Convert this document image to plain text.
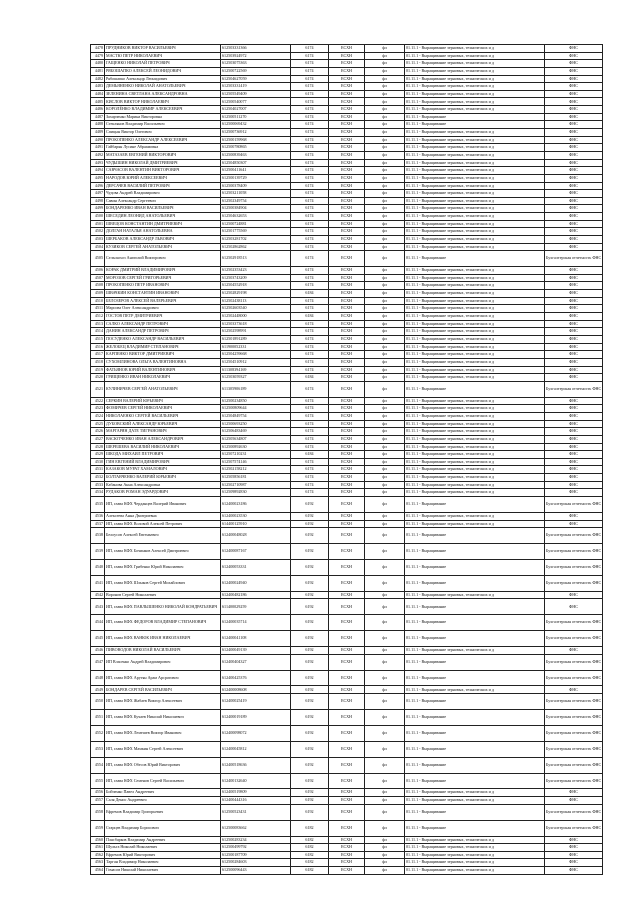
4478	ПРУДНИКОВ ВИКТОР ВАСИЛЬЕВИЧ	612503331366	6174	ЕСХН	фл	01.11.1 - Выращивание зерновых, технических и д	ФНС
4479	МАСТЮ ПЕТР НИКОЛАЕВИЧ	612503924972	6174	ЕСХН	фл	01.11.1 - Выращивание зерновых, технических и д	ФНС
4480	ГАЩЕНКО НИКОЛАЙ ПЕТРОВИЧ	612503075363	6174	ЕСХН	фл	01.11.1 - Выращивание зерновых, технических и д	ФНС
4481	РЯБОШАПКО АЛЕКСЕЙ ЛЕОНИДОВИЧ	612500722569	6174	ЕСХН	фл	01.11.1 - Выращивание зерновых, технических и д	ФНС
4482	Рябошапко Александр Леонидович	612504627059	6174	ЕСХН	фл	01.11.1 - Выращивание зерновых, технических и д	ФНС
4483	ДЕМЬЯНЕНКО НИКОЛАЙ АНАТОЛЬЕВИЧ	612503331419	6174	ЕСХН	фл	01.11.1 - Выращивание зерновых, технических и д	ФНС
4484	ЗЕЛЕНИНА СВЕТЛАНА АЛЕКСАНДРОВНА	612505549409	6174	ЕСХН	фл	01.11.1 - Выращивание зерновых, технических и д	ФНС
4485	КИСЛОВ ВИКТОР НИКОЛАЕВИЧ	612500540077	6174	ЕСХН	фл	01.11.1 - Выращивание зерновых, технических и д	ФНС
4486	КОРОЛЁНКО ВЛАДИМИР АЛЕКСЕЕВИЧ	612504027007	6174	ЕСХН	фл	01.11.1 - Выращивание зерновых, технических и д	ФНС
4487	Захарченко Марина Викторовна	612500511270	6174	ЕСХН	фл	01.11.1 - Выращивание	ФНС
4488	Стеклянов Владимир Васильевич	612500069432	6174	ЕСХН	фл	01.11.1 - Выращивание	ФНС
4489	Спицын Виктор Олегович	612500736912	6174	ЕСХН	фл	01.11.1 - Выращивание зерновых, технических и д	ФНС
4490	ПРОКОПЕНКО АЛЕКСАНДР АЛЕКСЕЕВИЧ	612500159968	6174	ЕСХН	фл	01.11.1 - Выращивание зерновых, технических и д	ФНС
4491	Гайбарян Лусине Абраамовна	612500780865	6174	ЕСХН	фл	01.11.1 - Выращивание зерновых, технических и д	ФНС
4492	МАТАЗАЕВ ЕВГЕНИЙ ВИКТОРОВИЧ	612500839463	6174	ЕСХН	фл	01.11.1 - Выращивание зерновых, технических и д	ФНС
4493	ЧУДЫШИН НИКОЛАЙ ДМИТРИЕВИЧ	612504850307	6174	ЕСХН	фл	01.11.1 - Выращивание зерновых, технических и д	ФНС
4494	САВЧАСОВ ВАЛЕНТИН ВИКТОРОВИЧ	612500411641	6174	ЕСХН	фл	01.11.1 - Выращивание зерновых, технических и д	ФНС
4495	НАРОДОВ ЮРИЙ АЛЕКСЕЕВИЧ	612500139729	6174	ЕСХН	фл	01.11.1 - Выращивание зерновых, технических и д	ФНС
4496	ДЕРСАЧЕВ ВАСИЛИЙ ПЕТРОВИЧ	612500378409	6174	ЕСХН	фл	01.11.1 - Выращивание зерновых, технических и д	ФНС
4497	Чудова Андрей Владимирович	612503211058	6174	ЕСХН	фл	01.11.1 - Выращивание зерновых, технических и д	ФНС
4498	Савин Александр Сергеевич	612502349754	6174	ЕСХН	фл	01.11.1 - Выращивание зерновых, технических и д	ФНС
4499	БОНДАРЕНКО ИВАН ВАСИЛЬЕВИЧ	612500384904	6174	ЕСХН	фл	01.11.1 - Выращивание зерновых, технических и д	ФНС
4500	ШЕСЕДИН ЛЕОНИД АНАТОЛЬЕВИЧ	612504632653	6174	ЕСХН	фл	01.11.1 - Выращивание зерновых, технических и д	ФНС
4501	ШВЕЦОВ КОНСТАНТИН ДМИТРИЕВИЧ	612500724881	6174	ЕСХН	фл	01.11.1 - Выращивание зерновых, технических и д	ФНС
4502	ДОЛГАН НАТАЛЬЯ АНАТОЛЬЕВНА	612501775569	6174	ЕСХН	фл	01.11.1 - Выращивание зерновых, технических и д	ФНС
4503	ШЕРБАКОВ АЛЕКСАНДР ЛЬВОВИЧ	612503281702	6174	ЕСХН	фл	01.11.1 - Выращивание зерновых, технических и д	ФНС
4504	КУЗИКОВ СЕРГЕЙ АНАТОЛЬЕВИЧ	612502862862	6174	ЕСХН	фл	01.11.1 - Выращивание зерновых, технических и д	ФНС
4505	Сельскохоз Анатолий Викторович	612502918513	6174	ЕСХН	фл	01.11.1 - Выращивание	Бухгалтерская отчетность ФНС
4506	КОРАК ДМИТРИЙ ВЛАДИМИРОВИЧ	612502353423	6174	ЕСХН	фл	01.11.1 - Выращивание зерновых, технических и д	ФНС
4507	МОРОЗОВ СЕРГЕЙ ГРИГОРЬЕВИЧ	612503743209	6174	ЕСХН	фл	01.11.1 - Выращивание зерновых, технических и д	ФНС
4508	ПРОКОПЕНКО ПЕТР ИВАНОВИЧ	612504552918	6174	ЕСХН	фл	01.11.1 - Выращивание зерновых, технических и д	ФНС
4509	ШВАЧКИН КОНСТАНТИН ИВАНОВИЧ	612502829198	6184	ЕСХН	фл	01.11.1 - Выращивание зерновых, технических и д	ФНС
4510	БЕЛОЗЕРОВ АЛЕКСЕЙ ВАЛЕРЬЕВИЧ	612502438113	6174	ЕСХН	фл	01.11.1 - Выращивание зерновых, технических и д	ФНС
4511	Марсова Олег Александрович	612502603540	6174	ЕСХН	фл	01.11.1 - Выращивание зерновых, технических и д	ФНС
4512	ГОСТОВ ПЕТР ДМИТРИЕВИЧ	612502448000	6184	ЕСХН	фл	01.11.1 - Выращивание зерновых, технических и д	ФНС
4513	САЛКО АЛЕКСАНДР ПЕТРОВИЧ	612503373618	6174	ЕСХН	фл	01.11.1 - Выращивание зерновых, технических и д	ФНС
4514	ДАНИН АЛЕКСАНДР ПЕТРОВИЧ	612502598991	6174	ЕСХН	фл	01.11.1 - Выращивание зерновых, технических и д	ФНС
4515	ПОСУДЕНКО АЛЕКСАНДР ВАСИЛЬЕВИЧ	612501891289	6174	ЕСХН	фл	01.11.1 - Выращивание зерновых, технических и д	ФНС
4516	ЖЕЛОБЕЦ ВЛАДИМИР СТЕПАНОВИЧ	611900052331	6174	ЕСХН	фл	01.11.1 - Выращивание зерновых, технических и д	ФНС
4517	КАРПЕНКО ВИКТОР ДМИТРИЕВИЧ	612504259668	6174	ЕСХН	фл	01.11.1 - Выращивание зерновых, технических и д	ФНС
4518	СУХОМЛИНОВА ОЛЬГА ВАЛЕНТИНОВНА	612504510912	6174	ЕСХН	фл	01.11.1 - Выращивание зерновых, технических и д	ФНС
4519	ФАТЬЯНОВ ЮРИЙ ВАЛЕНТИНОВИЧ	611308394169	6174	ЕСХН	фл	01.11.1 - Выращивание зерновых, технических и д	ФНС
4520	ГРИЩЕНКО ИВАН НИКОЛАЕВИЧ	612503059327	6184	ЕСХН	фл	01.11.1 - Выращивание зерновых, технических и д	ФНС
4521	КУЛИНИЧЕВ СЕРГЕЙ АНАТОЛЬЕВИЧ	611305906189	6174	ЕСХН	фл	01.11.1 - Выращивание	Бухгалтерская отчетность ФНС
4522	СЕРКИН ВАЛЕРИЙ ЮРЬЕВИЧ	612500234850	6174	ЕСХН	фл	01.11.1 - Выращивание зерновых, технических и д	ФНС
4523	ФОМИЧЕВ СЕРГЕЙ НИКОЛАЕВИЧ	612500809644	6174	ЕСХН	фл	01.11.1 - Выращивание зерновых, технических и д	ФНС
4524	НИКОЛАЕНКО СЕРГЕЙ ВАСИЛЬЕВИЧ	612504849754	6174	ЕСХН	фл	01.11.1 - Выращивание зерновых, технических и д	ФНС
4525	ДУБОВСКИЙ АЛЕКСАНДР ЮРЬЕВИЧ	612500693250	6174	ЕСХН	фл	01.11.1 - Выращивание зерновых, технических и д	ФНС
4526	МАРГАРЯН ДАТЕ ТИГРАНОВИЧ	612506483469	6174	ЕСХН	фл	01.11.1 - Выращивание зерновых, технических и д	ФНС
4527	ВАСЮТЧЕНКО ИВАН АЛЕКСАНДРОВИЧ	612505634807	6174	ЕСХН	фл	01.11.1 - Выращивание зерновых, технических и д	ФНС
4528	ШЕРЕШЕВА ВАСИЛИЙ НИКОЛАЕВИЧ	612500892630	6174	ЕСХН	фл	01.11.1 - Выращивание зерновых, технических и д	ФНС
4529	ШКОДА МИХАИЛ ПЕТРОВИЧ	612507210231	6184	ЕСХН	фл	01.11.1 - Выращивание зерновых, технических и д	ФНС
4530	ГИН ЕВГЕНИЙ ВЛАДИМИРОВИЧ	612507574146	6174	ЕСХН	фл	01.11.1 - Выращивание зерновых, технических и д	ФНС
4531	КАЗАКОВ МУРАТ ХАМАЛОВИЧ	612502158212	6174	ЕСХН	фл	01.11.1 - Выращивание зерновых, технических и д	ФНС
4532	БОЛТАВЧЕНКО ВАЛЕРИЙ ЮРЬЕВИЧ	612505856181	6174	ЕСХН	фл	01.11.1 - Выращивание зерновых, технических и д	ФНС
4533	Кабанова Анна Александровна	612502710987	6174	ЕСХН	фл	01.11.1 - Выращивание зерновых, технических и д	ФНС
4534	РУДАКОВ РОМАН ЭДУАРДОВИЧ	612509892830	6174	ЕСХН	фл	01.11.1 - Выращивание зерновых, технических и д	ФНС
4535	ИП, глава КФХ Черданцев Валерий Иванович	612400023186	6192	ЕСХН	фл	01.11.1 - Выращивание	Бухгалтерская отчетность ФНС
4536	Алексеева Анна Дмитриевна	612400023530	6192	ЕСХН	фл	01.11.1 - Выращивание зерновых, технических и д	ФНС
4537	ИП, глава КФХ Воловой Алексей Петрович	614400125910	6192	ЕСХН	фл	01.11.1 - Выращивание зерновых, технических и д	ФНС
4538	Белоусов Алексей Евгеньевич	612400048028	6192	ЕСХН	фл	01.11.1 - Выращивание	Бухгалтерская отчетность ФНС
4539	ИП, глава КФХ Бочинков Алексей Дмитриевич	612400087167	6192	ЕСХН	фл	01.11.1 - Выращивание	Бухгалтерская отчетность ФНС
4540	ИП, глава КФХ Грибенко Юрий Николаевич	612400053331	6192	ЕСХН	фл	01.11.1 - Выращивание	Бухгалтерская отчетность ФНС
4541	ИП, глава КФХ Шлыков Сергей Михайлович	612400024940	6192	ЕСХН	фл	01.11.1 - Выращивание	Бухгалтерская отчетность ФНС
4542	Воронов Сергей Николаевич	612400482186	6192	ЕСХН	фл	01.11.1 - Выращивание зерновых, технических и д	ФНС
4543	ИП, глава КФХ ПАВЛЫШЕНКО НИКОЛАЙ КОНДРАТЬЕВИЧ	611400029259	6192	ЕСХН	фл	01.11.1 - Выращивание	ФНС
4544	ИП, глава КФХ ФЕДОРОВ ВЛАДИМИР СТЕПАНОВИЧ	612400035714	6192	ЕСХН	фл	01.11.1 - Выращивание	Бухгалтерская отчетность ФНС
4545	ИП, глава КФХ ВАНЮК ИВАН НИКОЛАЕВИЧ	612400041108	6192	ЕСХН	фл	01.11.1 - Выращивание	Бухгалтерская отчетность ФНС
4546	ПИВОВОДОВ НИКОЛАЙ ВАСИЛЬЕВИЧ	612400049139	6192	ЕСХН	фл	01.11.1 - Выращивание зерновых, технических и д	ФНС
4547	ИП Власенко Андрей Владимирович	612400404327	6192	ЕСХН	фл	01.11.1 - Выращивание	Бухгалтерская отчетность ФНС
4548	ИП, глава КФХ Арутян Арам Арсратович	612400425376	6192	ЕСХН	фл	01.11.1 - Выращивание	Бухгалтерская отчетность ФНС
4549	БОНДАРЕВ СЕРГЕЙ ВАСИЛЬЕВИЧ	612400008608	6192	ЕСХН	фл	01.11.1 - Выращивание зерновых, технических и д	ФНС
4550	ИП, глава КФХ Жабаев Виктор Алексеевич	612400025419	6192	ЕСХН	фл	01.11.1 - Выращивание	Бухгалтерская отчетность ФНС
4551	ИП, глава КФХ Кучаев Николай Николаевич	612400019189	6192	ЕСХН	фл	01.11.1 - Выращивание	Бухгалтерская отчетность ФНС
4552	ИП, глава КФХ Лемешев Виктор Иванович	612400098072	6192	ЕСХН	фл	01.11.1 - Выращивание	Бухгалтерская отчетность ФНС
4553	ИП, глава КФХ Мамкин Сергей Алексеевич	612400045812	6192	ЕСХН	фл	01.11.1 - Выращивание	Бухгалтерская отчетность ФНС
4554	ИП, глава КФХ Обесов Юрий Викторович	612400518636	6192	ЕСХН	фл	01.11.1 - Выращивание	Бухгалтерская отчетность ФНС
4555	ИП, глава КФХ Семенов Сергей Васильевич	612400132640	6192	ЕСХН	фл	01.11.1 - Выращивание	Бухгалтерская отчетность ФНС
4556	Бойченко Павел Андреевич	612400519809	6192	ЕСХН	фл	01.11.1 - Выращивание зерновых, технических и д	ФНС
4557	Саля Денис Андреевич	612400444316	6192	ЕСХН	фл	01.11.1 - Выращивание зерновых, технических и д	ФНС
4558	Ефремов Владимир Григорьевич	612500523431	6192	ЕСХН	фл	01.11.1 - Выращивание	Бухгалтерская отчетность ФНС
4559	Старцев Владимир Борисович	612500083662	6182	ЕСХН	фл	01.11.1 - Выращивание	Бухгалтерская отчетность ФНС
4560	Плясбарков Владимир Андреевич	612500283234	6182	ЕСХН	фл	01.11.1 - Выращивание зерновых, технических и д	ФНС
4561	Шульга Николай Николаевич	612500499792	6182	ЕСХН	фл	01.11.1 - Выращивание зерновых, технических и д	ФНС
4562	Ефремов Юрий Викторович	612500187709	6182	ЕСХН	фл	01.11.1 - Выращивание зерновых, технических и д	ФНС
4563	Тарган Владимир Николаевич	612500284603	6182	ЕСХН	фл	01.11.1 - Выращивание зерновых, технических и д	ФНС
4564	Гомасов Николай Николаевич	612500096443	6182	ЕСХН	фл	01.11.1 - Выращивание зерновых, технических и д	ФНС
